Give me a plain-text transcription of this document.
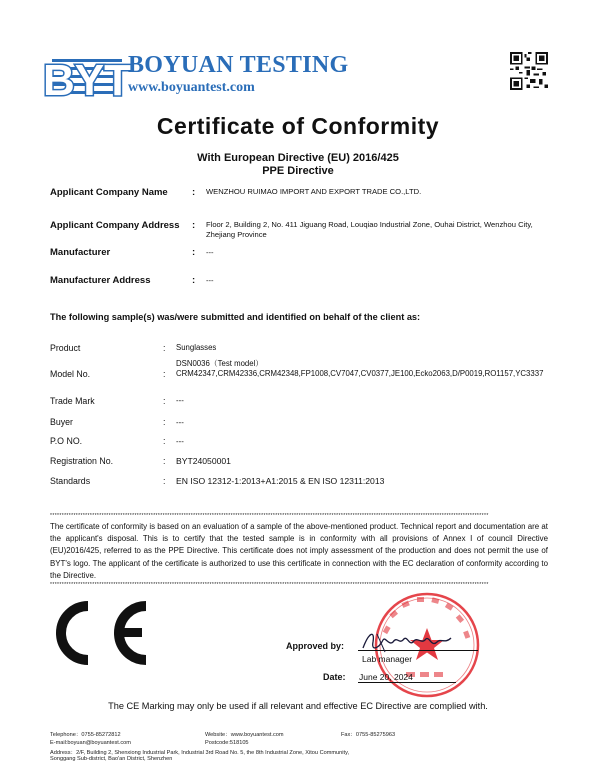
BYT
BOYUAN TESTING
www.boyuantest.com
Certificate of Conformity
With European Directive (EU) 2016/425
PPE Directive
Applicant Company Name	: WENZHOU RUIMAO IMPORT AND EXPORT TRADE CO.,LTD.
Applicant Company Address : Floor 2, Building 2, No. 411 Jiguang Road, Louqiao Industrial Zone, Ouhai District, Wenzhou City, Zhejiang Province
Manufacturer	: ---
Manufacturer Address	: ---
The following sample(s) was/were submitted and identified on behalf of the client as:
Product	: Sunglasses
Model No.	:
DSN0036（Test model）
CRM42347,CRM42336,CRM42348,FP1008,CV7047,CV0377,JE100,Ecko2063,D/P0019,RO1157,YC3337
Trade Mark	: ---
Buyer	: ---
P.O NO.	: ---
Registration No.	: BYT24050001
Standards	: EN ISO 12312-1:2013+A1:2015 & EN ISO 12311:2013
*******************************************************************************************************************************************************************************************
*******************************************************************************************************************************************************************************************
The certificate of conformity is based on an evaluation of a sample of the above-mentioned product. Technical report and documentation are at the applicant's disposal. This is to certify that the tested sample is in conformity with all provisions of Annex I of council Directive (EU)2016/425, referred to as the PPE Directive. This certificate does not imply assessment of the production and does not permit the use of BYT's logo. The applicant of the certificate is authorized to use this certificate in connection with the EC declaration of conformity according to the Directive.
Approved by:
Lab manager
Date: June 20, 2024
The CE Marking may only be used if all relevant and effective EC Directive are complied with.
Telephone：0755-85272812	Website：www.boyuantest.com	Fax：0755-85275963
E-mail:boyuan@boyuantest.com	Postcode:518105
Address：2/F, Building 2, Shenxiong Industrial Park, Industrial 3rd Road No. 5, the 8th Industrial Zone, Xitou Community,
Songgang Sub-district, Bao'an District, Shenzhen
